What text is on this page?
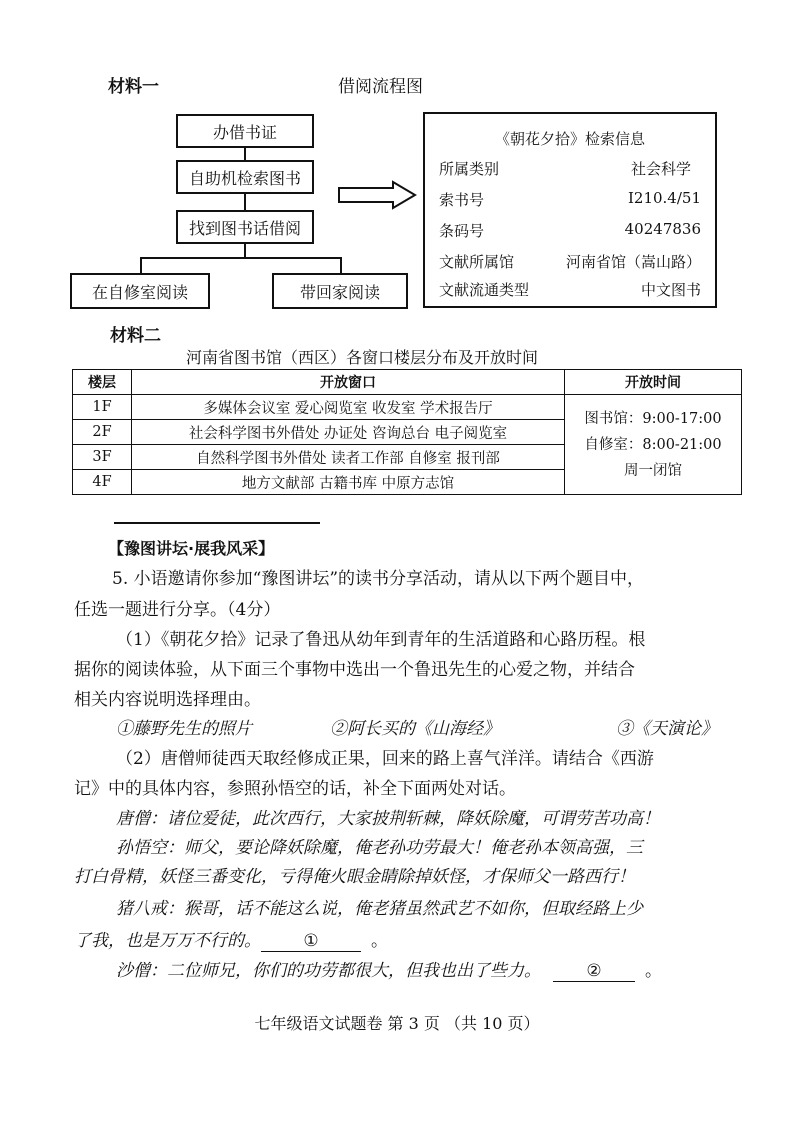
材料一	借阅流程图
办借书证
自助机检索图书
找到图书话借阅
在自修室阅读	带回家阅读
《朝花夕拾》检索信息
所属类别	社会科学
索书号	I210.4/51
条码号	40247836
文献所属馆	河南省馆（嵩山路）
文献流通类型	中文图书
材料二
河南省图书馆（西区）各窗口楼层分布及开放时间
楼层	开放窗口	开放时间
1F	多媒体会议室 爱心阅览室 收发室 学术报告厅	图书馆：9:00-17:00
自修室：8:00-21:00
周一闭馆

2F	社会科学图书外借处 办证处 咨询总台 电子阅览室	
3F	自然科学图书外借处 读者工作部 自修室 报刊部	
4F	地方文献部 古籍书库 中原方志馆	
【豫图讲坛·展我风采】
5. 小语邀请你参加“豫图讲坛”的读书分享活动，请从以下两个题目中，
任选一题进行分享。（4分）
（1）《朝花夕拾》记录了鲁迅从幼年到青年的生活道路和心路历程。根
据你的阅读体验，从下面三个事物中选出一个鲁迅先生的心爱之物，并结合
相关内容说明选择理由。
①藤野先生的照片	②阿长买的《山海经》	③《天演论》
（2）唐僧师徒西天取经修成正果，回来的路上喜气洋洋。请结合《西游
记》中的具体内容，参照孙悟空的话，补全下面两处对话。
唐僧：诸位爱徒，此次西行，大家披荆斩棘，降妖除魔，可谓劳苦功高！
孙悟空：师父，要论降妖除魔，俺老孙功劳最大！俺老孙本领高强，三
打白骨精，妖怪三番变化，亏得俺火眼金睛除掉妖怪，才保师父一路西行！
猪八戒：猴哥，话不能这么说，俺老猪虽然武艺不如你，但取经路上少
了我，也是万万不行的。 ①	。
沙僧：二位师兄，你们的功劳都很大，但我也出了些力。	②	。
七年级语文试题卷 第 3 页 （共 10 页）
